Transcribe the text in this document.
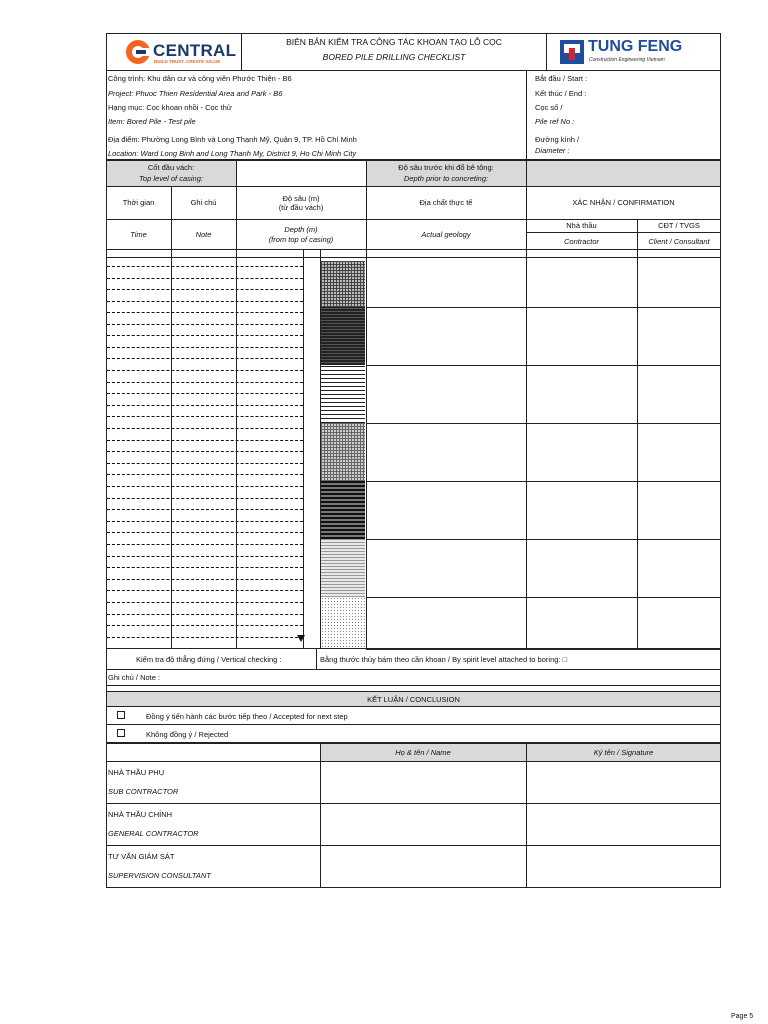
CENTRAL
BUILD TRUST. CREATE VALUE
BIÊN BẢN KIỂM TRA CÔNG TÁC KHOAN TẠO LỖ CỌC
BORED PILE DRILLING CHECKLIST
TUNG FENG
Construction Engineering Vietnam
Công trình: Khu dân cư và công viên Phước Thiện - B6
Project: Phuoc Thien Residential Area and Park - B6
Hạng mục: Cọc khoan nhồi - Cọc thử
Item: Bored Pile - Test pile
Địa điểm: Phường Long Bình và Long Thạnh Mỹ, Quận 9, TP. Hồ Chí Minh
Location: Ward Long Binh and Long Thanh My, District 9, Ho Chi Minh City
Bắt đầu / Start :
Kết thúc / End :
Cọc số /
Pile ref No :
Đường kính /
Diameter :
Cốt đầu vách:
Top level of casing:
Độ sâu trước khi đổ bê tông:
Depth prior to concreting:
Thời gian
Time
Ghi chú
Note
Độ sâu (m)
(từ đầu vách)
Depth (m)
(from top of casing)
Địa chất thực tế
Actual geology
XÁC NHẬN / CONFIRMATION
Nhà thầu
Contractor
CĐT / TVGS
Client / Consultant
Kiểm tra độ thẳng đứng / Vertical checking :	Bằng thước thủy bám theo cần khoan / By spirit level attached to boring: □
Ghi chú / Note :
KẾT LUẬN / CONCLUSION
Đồng ý tiến hành các bước tiếp theo / Accepted for next step
Không đồng ý / Rejected
Họ & tên / Name	Ký tên / Signature
NHÀ THẦU PHỤ
SUB CONTRACTOR
NHÀ THẦU CHÍNH
GENERAL CONTRACTOR
TƯ VẤN GIÁM SÁT
SUPERVISION CONSULTANT
Page 5
